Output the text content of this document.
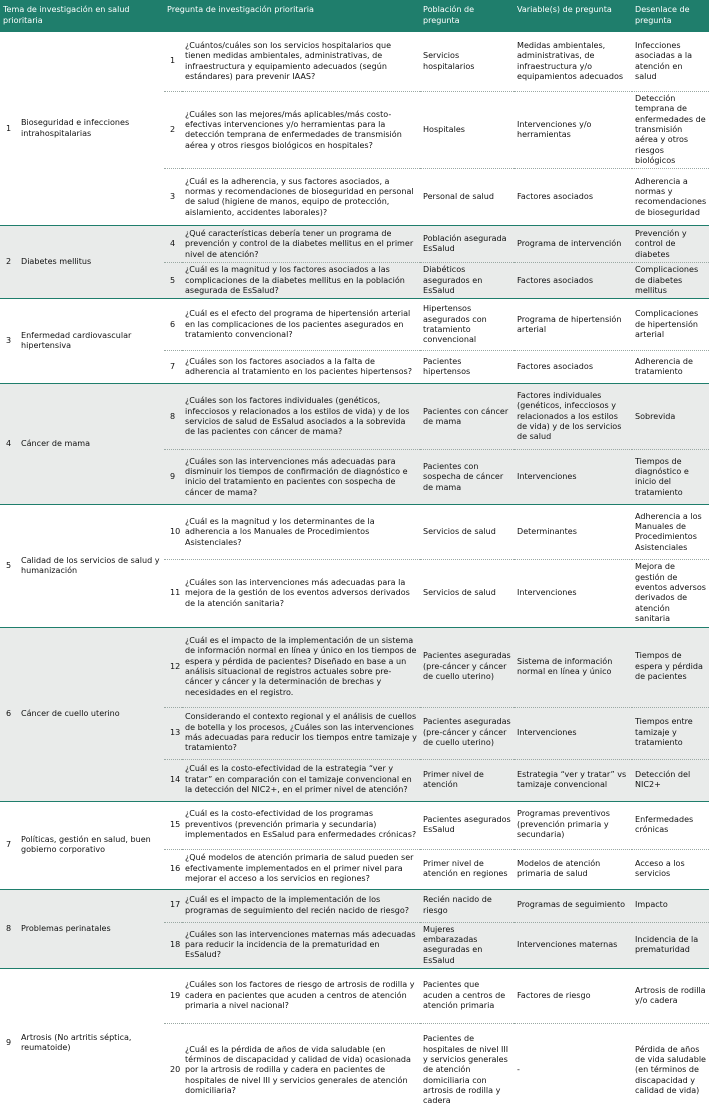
Tema de investigación en salud prioritaria		Pregunta de investigación prioritaria		Población de pregunta	Variable(s) de pregunta	Desenlace de pregunta
1	Bioseguridad e infecciones intrahospitalarias	1	¿Cuántos/cuáles son los servicios hospitalarios que tienen medidas ambientales, administrativas, de infraestructura y equipamiento adecuados (según estándares) para prevenir IAAS?	Servicios hospitalarios	Medidas ambientales, administrativas, de infraestructura y/o equipamientos adecuados	Infecciones asociadas a la atención en salud
		2	¿Cuáles son las mejores/más aplicables/más costo-efectivas intervenciones y/o herramientas para la detección temprana de enfermedades de transmisión aérea y otros riesgos biológicos en hospitales?	Hospitales	Intervenciones y/o herramientas	Detección temprana de enfermedades de transmisión aérea y otros riesgos biológicos
		3	¿Cuál es la adherencia, y sus factores asociados, a normas y recomendaciones de bioseguridad en personal de salud (higiene de manos, equipo de protección, aislamiento, accidentes laborales)?	Personal de salud	Factores asociados	Adherencia a normas y recomendaciones de bioseguridad
2	Diabetes mellitus	4	¿Qué características debería tener un programa de prevención y control de la diabetes mellitus en el primer nivel de atención?	Población asegurada EsSalud	Programa de intervención	Prevención y control de diabetes
		5	¿Cuál es la magnitud y los factores asociados a las complicaciones de la diabetes mellitus en la población asegurada de EsSalud?	Diabéticos asegurados en EsSalud	Factores asociados	Complicaciones de diabetes mellitus
3	Enfermedad cardiovascular hipertensiva	6	¿Cuál es el efecto del programa de hipertensión arterial en las complicaciones de los pacientes asegurados en tratamiento convencional?	Hipertensos asegurados con tratamiento convencional	Programa de hipertensión arterial	Complicaciones de hipertensión arterial
		7	¿Cuáles son los factores asociados a la falta de adherencia al tratamiento en los pacientes hipertensos?	Pacientes hipertensos	Factores asociados	Adherencia de tratamiento
4	Cáncer de mama	8	¿Cuáles son los factores individuales (genéticos, infecciosos y relacionados a los estilos de vida) y de los servicios de salud de EsSalud asociados a la sobrevida de las pacientes con cáncer de mama?	Pacientes con cáncer de mama	Factores individuales (genéticos, infecciosos y relacionados a los estilos de vida) y de los servicios de salud	Sobrevida
		9	¿Cuáles son las intervenciones más adecuadas para disminuir los tiempos de confirmación de diagnóstico e inicio del tratamiento en pacientes con sospecha de cáncer de mama?	Pacientes con sospecha de cáncer de mama	Intervenciones	Tiempos de diagnóstico e inicio del tratamiento
5	Calidad de los servicios de salud y humanización	10	¿Cuál es la magnitud y los determinantes de la adherencia a los Manuales de Procedimientos Asistenciales?	Servicios de salud	Determinantes	Adherencia a los Manuales de Procedimientos Asistenciales
		11	¿Cuáles son las intervenciones más adecuadas para la mejora de la gestión de los eventos adversos derivados de la atención sanitaria?	Servicios de salud	Intervenciones	Mejora de gestión de eventos adversos derivados de atención sanitaria
6	Cáncer de cuello uterino	12	¿Cuál es el impacto de la implementación de un sistema de información normal en línea y único en los tiempos de espera y pérdida de pacientes? Diseñado en base a un análisis situacional de registros actuales sobre pre-cáncer y cáncer y la determinación de brechas y necesidades en el registro.	Pacientes aseguradas (pre-cáncer y cáncer de cuello uterino)	Sistema de información normal en línea y único	Tiempos de espera y pérdida de pacientes
		13	Considerando el contexto regional y el análisis de cuellos de botella y los procesos, ¿Cuáles son las intervenciones más adecuadas para reducir los tiempos entre tamizaje y tratamiento?	Pacientes aseguradas (pre-cáncer y cáncer de cuello uterino)	Intervenciones	Tiempos entre tamizaje y tratamiento
		14	¿Cuál es la costo-efectividad de la estrategia “ver y tratar” en comparación con el tamizaje convencional en la detección del NIC2+, en el primer nivel de atención?	Primer nivel de atención	Estrategia “ver y tratar” vs tamizaje convencional	Detección del NIC2+
7	Políticas, gestión en salud, buen gobierno corporativo	15	¿Cuál es la costo-efectividad de los programas preventivos (prevención primaria y secundaria) implementados en EsSalud para enfermedades crónicas?	Pacientes asegurados EsSalud	Programas preventivos (prevención primaria y secundaria)	Enfermedades crónicas
		16	¿Qué modelos de atención primaria de salud pueden ser efectivamente implementados en el primer nivel para mejorar el acceso a los servicios en regiones?	Primer nivel de atención en regiones	Modelos de atención primaria de salud	Acceso a los servicios
8	Problemas perinatales	17	¿Cuál es el impacto de la implementación de los programas de seguimiento del recién nacido de riesgo?	Recién nacido de riesgo	Programas de seguimiento	Impacto
		18	¿Cuáles son las intervenciones maternas más adecuadas para reducir la incidencia de la prematuridad en EsSalud?	Mujeres embarazadas aseguradas en EsSalud	Intervenciones maternas	Incidencia de la prematuridad
9	Artrosis (No artritis séptica, reumatoide)	19	¿Cuáles son los factores de riesgo de artrosis de rodilla y cadera en pacientes que acuden a centros de atención primaria a nivel nacional?	Pacientes que acuden a centros de atención primaria	Factores de riesgo	Artrosis de rodilla y/o cadera
		20	¿Cuál es la pérdida de años de vida saludable (en términos de discapacidad y calidad de vida) ocasionada por la artrosis de rodilla y cadera en pacientes de hospitales de nivel III y servicios generales de atención domiciliaria?	Pacientes de hospitales de nivel III y servicios generales de atención domiciliaria con artrosis de rodilla y cadera	-	Pérdida de años de vida saludable (en términos de discapacidad y calidad de vida)
